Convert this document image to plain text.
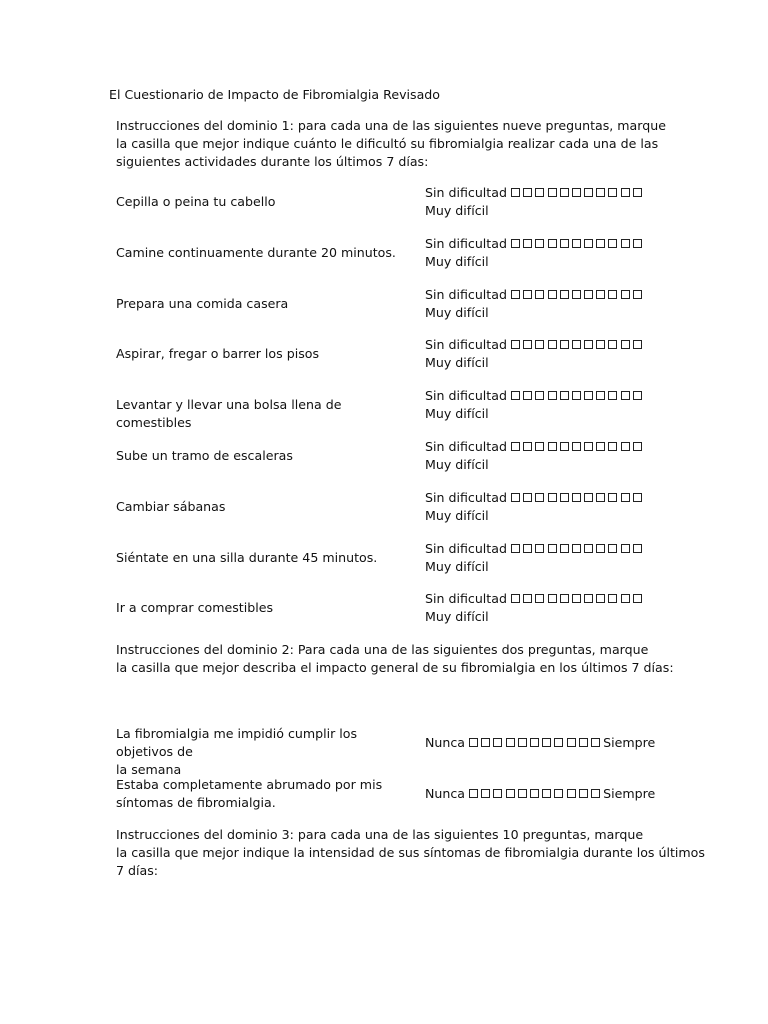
El Cuestionario de Impacto de Fibromialgia Revisado
Instrucciones del dominio 1: para cada una de las siguientes nueve preguntas, marque
la casilla que mejor indique cuánto le dificultó su fibromialgia realizar cada una de las
siguientes actividades durante los últimos 7 días:
Cepilla o peina tu cabello
Sin dificultad
Muy difícil
Camine continuamente durante 20 minutos.
Sin dificultad
Muy difícil
Prepara una comida casera
Sin dificultad
Muy difícil
Aspirar, fregar o barrer los pisos
Sin dificultad
Muy difícil
Levantar y llevar una bolsa llena de comestibles
Sin dificultad
Muy difícil
Sube un tramo de escaleras
Sin dificultad
Muy difícil
Cambiar sábanas
Sin dificultad
Muy difícil
Siéntate en una silla durante 45 minutos.
Sin dificultad
Muy difícil
Ir a comprar comestibles
Sin dificultad
Muy difícil
Instrucciones del dominio 2: Para cada una de las siguientes dos preguntas, marque
la casilla que mejor describa el impacto general de su fibromialgia en los últimos 7 días:
La fibromialgia me impidió cumplir los objetivos de
la semana
Nunca	Siempre
Estaba completamente abrumado por mis
síntomas de fibromialgia.
Nunca	Siempre
Instrucciones del dominio 3: para cada una de las siguientes 10 preguntas, marque
la casilla que mejor indique la intensidad de sus síntomas de fibromialgia durante los últimos
7 días:
